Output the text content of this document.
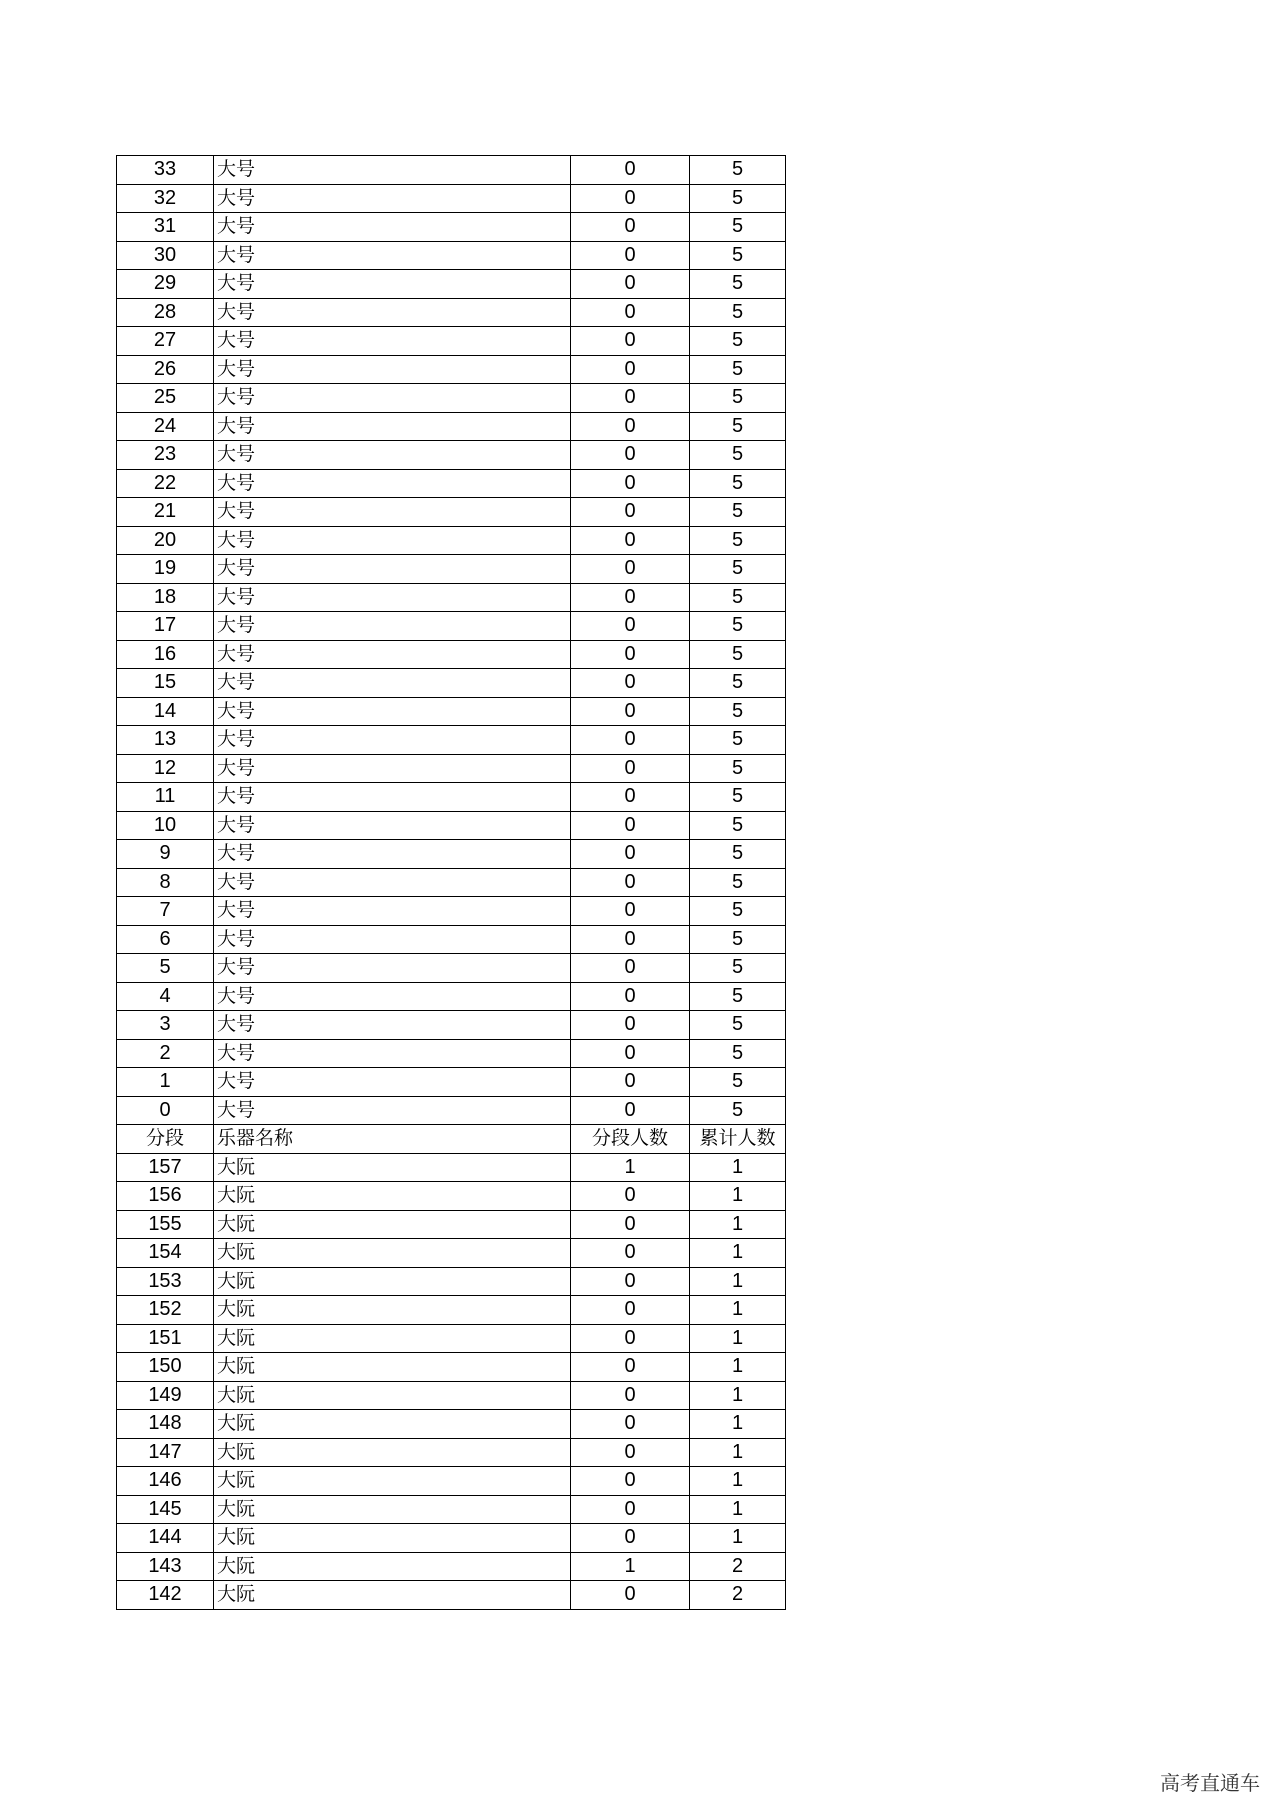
33	大号	0	5
32	大号	0	5
31	大号	0	5
30	大号	0	5
29	大号	0	5
28	大号	0	5
27	大号	0	5
26	大号	0	5
25	大号	0	5
24	大号	0	5
23	大号	0	5
22	大号	0	5
21	大号	0	5
20	大号	0	5
19	大号	0	5
18	大号	0	5
17	大号	0	5
16	大号	0	5
15	大号	0	5
14	大号	0	5
13	大号	0	5
12	大号	0	5
11	大号	0	5
10	大号	0	5
9	大号	0	5
8	大号	0	5
7	大号	0	5
6	大号	0	5
5	大号	0	5
4	大号	0	5
3	大号	0	5
2	大号	0	5
1	大号	0	5
0	大号	0	5
分段	乐器名称	分段人数	累计人数
157	大阮	1	1
156	大阮	0	1
155	大阮	0	1
154	大阮	0	1
153	大阮	0	1
152	大阮	0	1
151	大阮	0	1
150	大阮	0	1
149	大阮	0	1
148	大阮	0	1
147	大阮	0	1
146	大阮	0	1
145	大阮	0	1
144	大阮	0	1
143	大阮	1	2
142	大阮	0	2
高考直通车
